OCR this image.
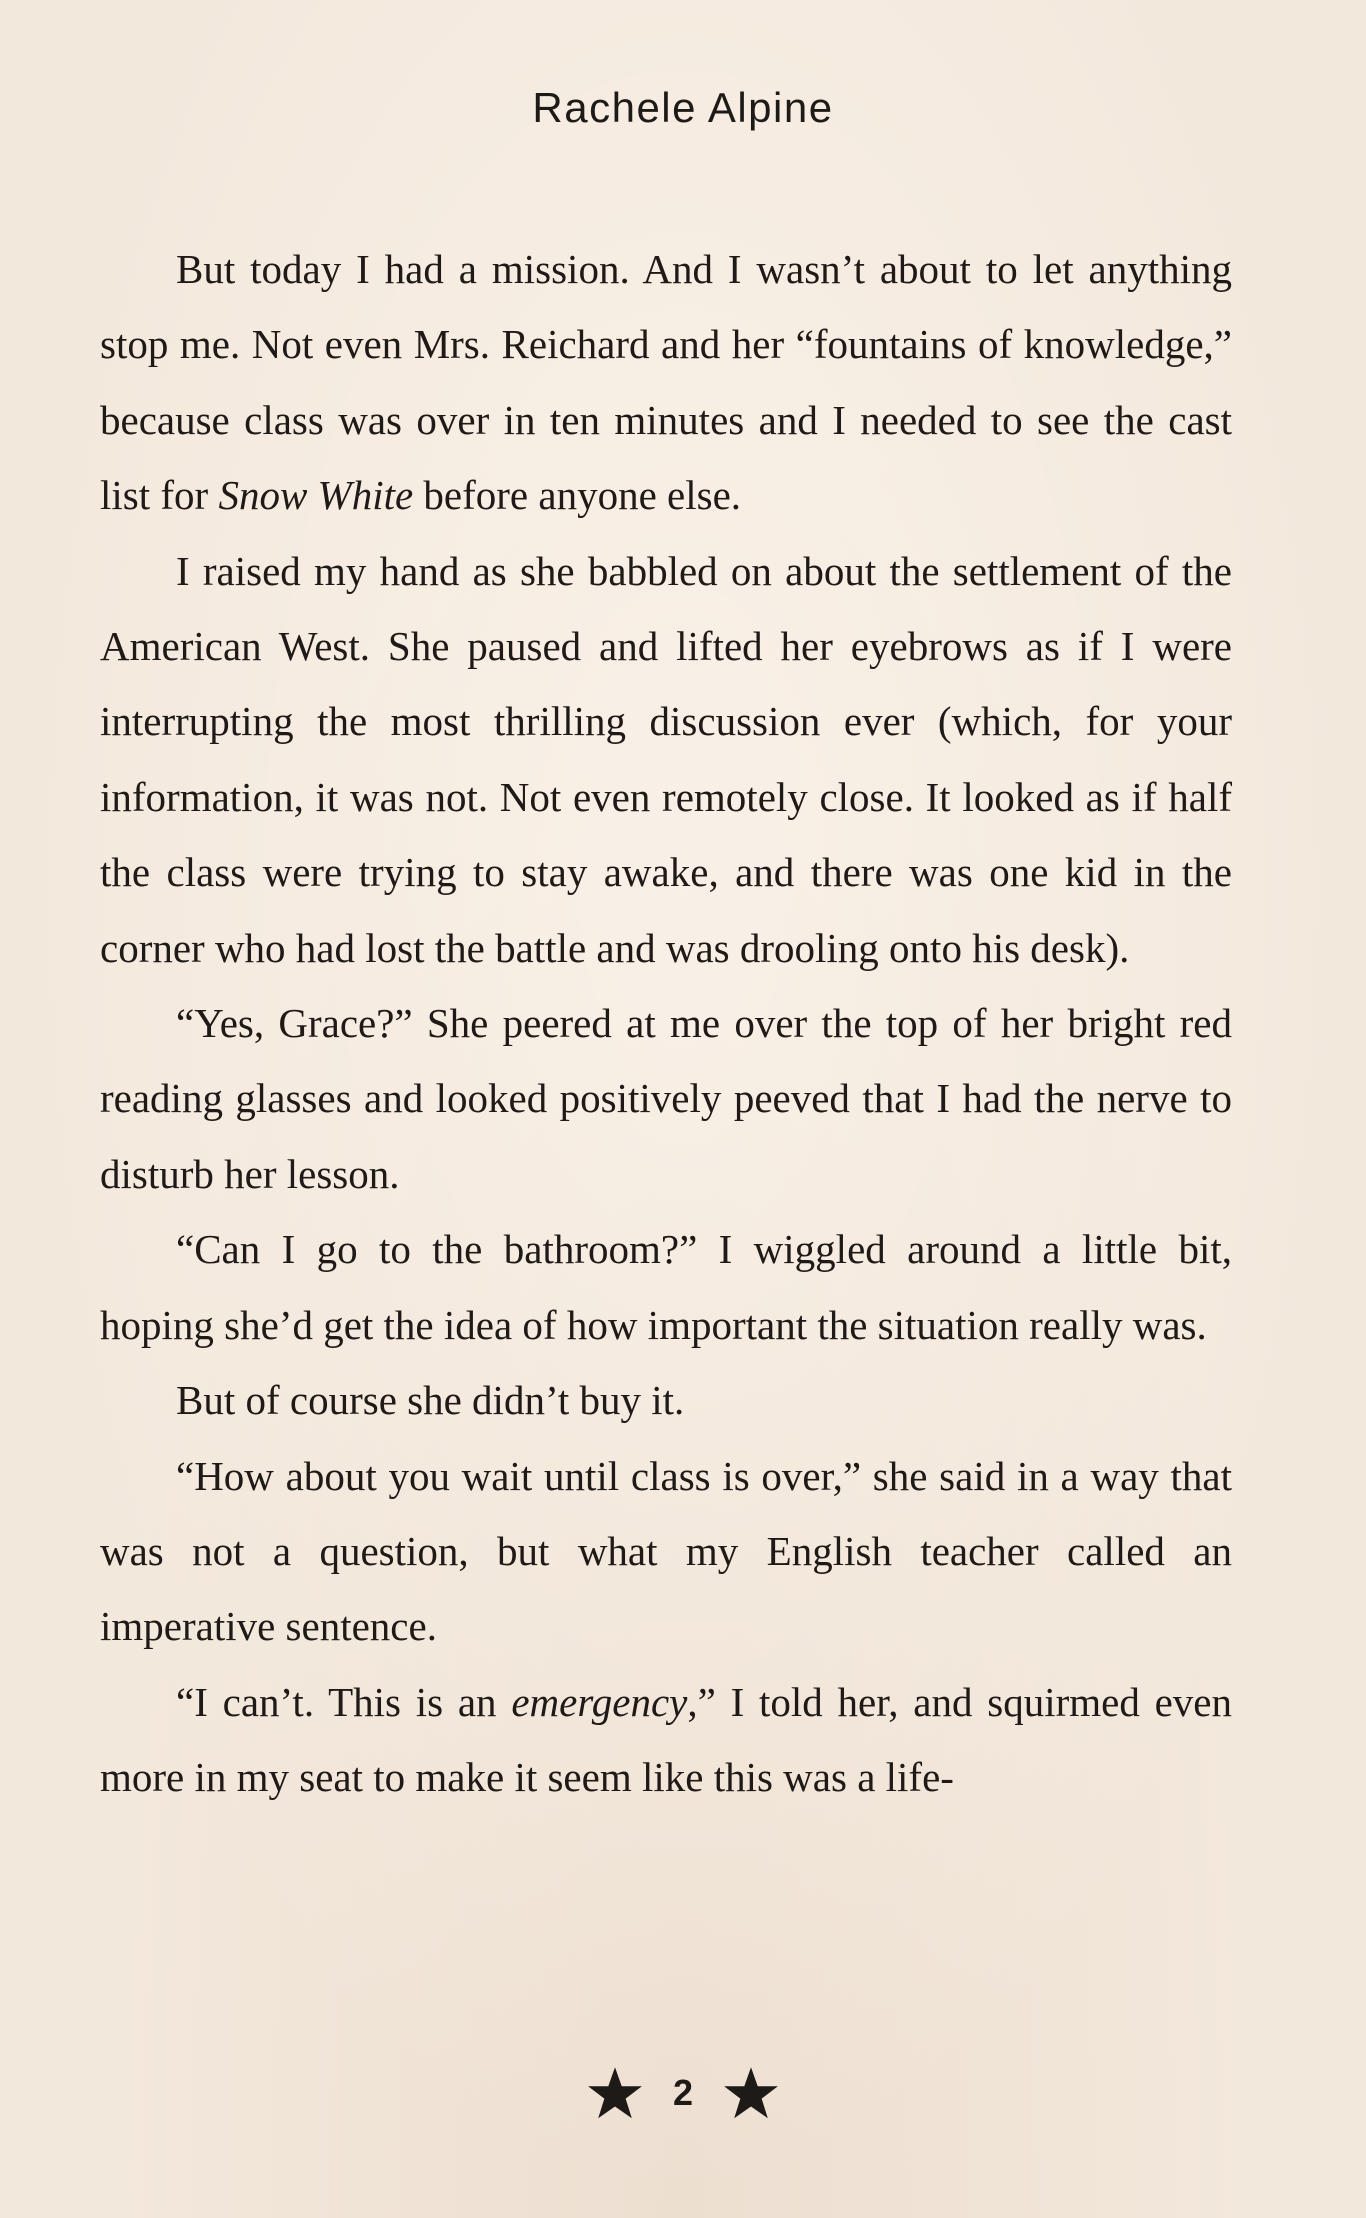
Rachele Alpine

But today I had a mission. And I wasn’t about to let anything stop me. Not even Mrs. Reichard and her “fountains of knowledge,” because class was over in ten minutes and I needed to see the cast list for Snow White before anyone else.

I raised my hand as she babbled on about the settlement of the American West. She paused and lifted her eyebrows as if I were interrupting the most thrilling discussion ever (which, for your information, it was not. Not even remotely close. It looked as if half the class were trying to stay awake, and there was one kid in the corner who had lost the battle and was drooling onto his desk).

“Yes, Grace?” She peered at me over the top of her bright red reading glasses and looked positively peeved that I had the nerve to disturb her lesson.

“Can I go to the bathroom?” I wiggled around a little bit, hoping she’d get the idea of how important the situation really was.

But of course she didn’t buy it.

“How about you wait until class is over,” she said in a way that was not a question, but what my English teacher called an imperative sentence.

“I can’t. This is an emergency,” I told her, and squirmed even more in my seat to make it seem like this was a life-

2
